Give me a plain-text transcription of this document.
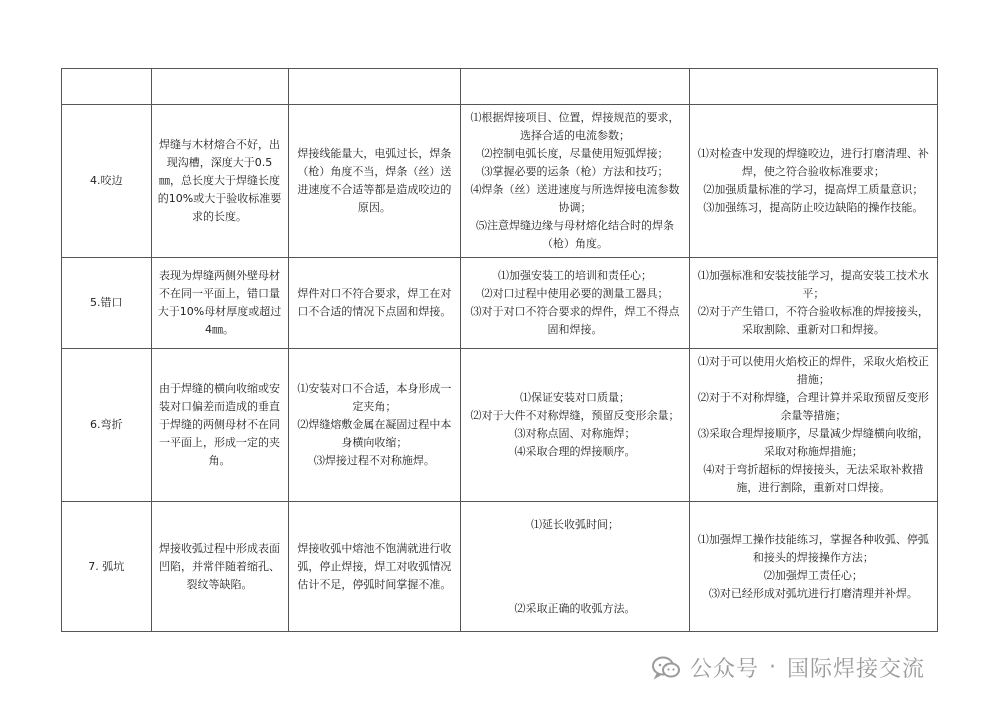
4.咬边	焊缝与木材熔合不好，出现沟槽，深度大于0.5㎜，总长度大于焊缝长度的10%或大于验收标准要求的长度。	焊接线能量大，电弧过长，焊条（枪）角度不当，焊条（丝）送进速度不合适等都是造成咬边的原因。	⑴根据焊接项目、位置，焊接规范的要求，选择合适的电流参数；
⑵控制电弧长度，尽量使用短弧焊接；
⑶掌握必要的运条（枪）方法和技巧；
⑷焊条（丝）送进速度与所选焊接电流参数协调；
⑸注意焊缝边缘与母材熔化结合时的焊条（枪）角度。	⑴对检查中发现的焊缝咬边，进行打磨清理、补焊，使之符合验收标准要求；
⑵加强质量标准的学习，提高焊工质量意识；
⑶加强练习，提高防止咬边缺陷的操作技能。

5.错口	表现为焊缝两侧外壁母材不在同一平面上，错口量大于10%母材厚度或超过4㎜。	焊件对口不符合要求，焊工在对口不合适的情况下点固和焊接。	⑴加强安装工的培训和责任心；
⑵对口过程中使用必要的测量工器具；
⑶对于对口不符合要求的焊件，焊工不得点固和焊接。	⑴加强标准和安装技能学习，提高安装工技术水平；
⑵对于产生错口，不符合验收标准的焊接接头，采取割除、重新对口和焊接。

6.弯折	由于焊缝的横向收缩或安装对口偏差而造成的垂直于焊缝的两侧母材不在同一平面上，形成一定的夹角。	⑴安装对口不合适，本身形成一定夹角；
⑵焊缝熔敷金属在凝固过程中本身横向收缩；
⑶焊接过程不对称施焊。	⑴保证安装对口质量；
⑵对于大件不对称焊缝，预留反变形余量；
⑶对称点固、对称施焊；
⑷采取合理的焊接顺序。	⑴对于可以使用火焰校正的焊件，采取火焰校正措施；
⑵对于不对称焊缝，合理计算并采取预留反变形余量等措施；
⑶采取合理焊接顺序，尽量减少焊缝横向收缩，采取对称施焊措施；
⑷对于弯折超标的焊接接头，无法采取补救措施，进行割除，重新对口焊接。

7. 弧坑	焊接收弧过程中形成表面凹陷，并常伴随着缩孔、裂纹等缺陷。	焊接收弧中熔池不饱满就进行收弧，停止焊接，焊工对收弧情况估计不足，停弧时间掌握不准。	⑴延长收弧时间；
⑵采取正确的收弧方法。	⑴加强焊工操作技能练习，掌握各种收弧、停弧和接头的焊接操作方法；
⑵加强焊工责任心；
⑶对已经形成对弧坑进行打磨清理并补焊。
公众号 · 国际焊接交流
